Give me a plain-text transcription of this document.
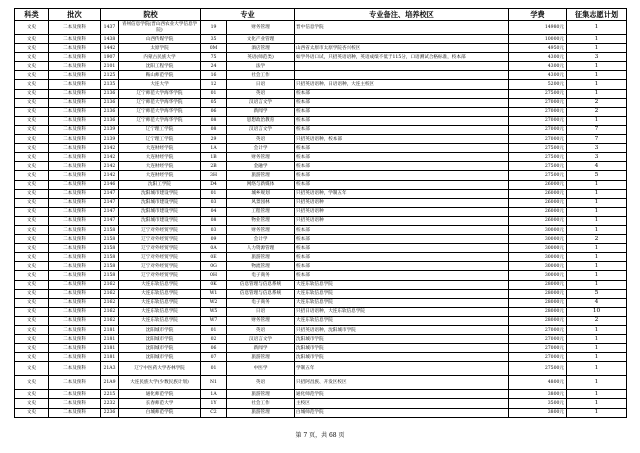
科类	批次	院校		专业		专业备注、培养校区	学费	征集志愿计划
文史	二本及预科	1437	青州信息学院(晋山西农业大学信息学院)	19	财务管理	晋中信息学院	14980元	1
文史	二本及预科	1438	山西传媒学院	35	文化产业管理		10000元	1
文史	二本及预科	1442	太原学院	0M	酒店管理	山西省太原市太原学院杏兴校区	4950元	1
文史	二本及预科	1907	内蒙古民族大学	75	英语(师范类)	如学外语口试，只招英语语种，英语成绩不低于115分，口语测试合格标准，校本部	4300元	3
文史	二本及预科	2101	沈阳工程学院	24	法学		4300元	1
文史	二本及预科	2125	鞍山师范学院	16	社会工作		4300元	1
文史	二本及预科	2135	大连大学	12	日语	只招英语语种、日语语种，大连主校区	5200元	1
文史	二本及预科	2136	辽宁师范大学海华学院	01	英语	校本部	27500元	1
文史	二本及预科	2136	辽宁师范大学海华学院	05	汉语言文学	校本部	27000元	2
文史	二本及预科	2136	辽宁师范大学海华学院	06	新闻学	校本部	27000元	2
文史	二本及预科	2136	辽宁师范大学海华学院	08	思想政治教育	校本部	27000元	1
文史	二本及预科	2139	辽宁理工学院	08	汉语言文学	校本部	27000元	7
文史	二本及预科	2139	辽宁理工学院	29	英语	只招英语语种，校本部	27000元	7
文史	二本及预科	2142	大连财经学院	1A	会计学	校本部	27500元	3
文史	二本及预科	2142	大连财经学院	1B	财务管理	校本部	27500元	3
文史	二本及预科	2142	大连财经学院	2B	金融学	校本部	27500元	4
文史	二本及预科	2142	大连财经学院	3H	旅游管理	校本部	27500元	5
文史	二本及预科	2146	沈阳工学院	D4	网络与新媒体	校本部	26000元	1
文史	二本及预科	2147	沈阳城市建设学院	01	城乡规划	只招英语语种，学制五年	26000元	1
文史	二本及预科	2147	沈阳城市建设学院	03	风景园林	只招英语语种	26000元	1
文史	二本及预科	2147	沈阳城市建设学院	04	工程管理	只招英语语种	26000元	1
文史	二本及预科	2147	沈阳城市建设学院	08	物业管理	只招英语语种	26000元	1
文史	二本及预科	2158	辽宁对外经贸学院	03	财务管理	校本部	30000元	1
文史	二本及预科	2158	辽宁对外经贸学院	09	会计学	校本部	30000元	2
文史	二本及预科	2158	辽宁对外经贸学院	0A	人力资源管理	校本部	30000元	1
文史	二本及预科	2158	辽宁对外经贸学院	0E	旅游管理	校本部	30000元	1
文史	二本及预科	2158	辽宁对外经贸学院	0G	物流管理	校本部	30000元	1
文史	二本及预科	2158	辽宁对外经贸学院	0H	电子商务	校本部	30000元	1
文史	二本及预科	2162	大连东软信息学院	0K	信息管理与信息系统	大连东软信息学院	28000元	1
文史	二本及预科	2162	大连东软信息学院	W1	信息管理与信息系统	大连东软信息学院	28000元	5
文史	二本及预科	2162	大连东软信息学院	W2	电子商务	大连东软信息学院	28000元	4
文史	二本及预科	2162	大连东软信息学院	W5	日语	只招日语语种，大连东软信息学院	28000元	10
文史	二本及预科	2162	大连东软信息学院	W7	财务管理	大连东软信息学院	28000元	2
文史	二本及预科	2181	沈阳城市学院	01	英语	只招英语语种，沈阳城市学院	27000元	1
文史	二本及预科	2181	沈阳城市学院	02	汉语言文学	沈阳城市学院	27000元	1
文史	二本及预科	2181	沈阳城市学院	06	新闻学	沈阳城市学院	27000元	1
文史	二本及预科	2181	沈阳城市学院	07	旅游管理	沈阳城市学院	27000元	1
文史	二本及预科	21A3	辽宁中医药大学杏林学院	01	中医学	学制五年	27500元	1
文史	二本及预科	21A9	大连民族大学(少数民族计划)	N1	英语	只招阿昌族、开发区校区	4800元	1
文史	二本及预科	2215	通化师范学院	1A	旅游管理	通化师范学院	3800元	1
文史	二本及预科	2232	长春师范大学	1Y	社会工作	主校区	3500元	1
文史	二本及预科	2236	白城师范学院	C2	旅游管理	白城师范学院	3800元	1
第 7 页，共 68 页
